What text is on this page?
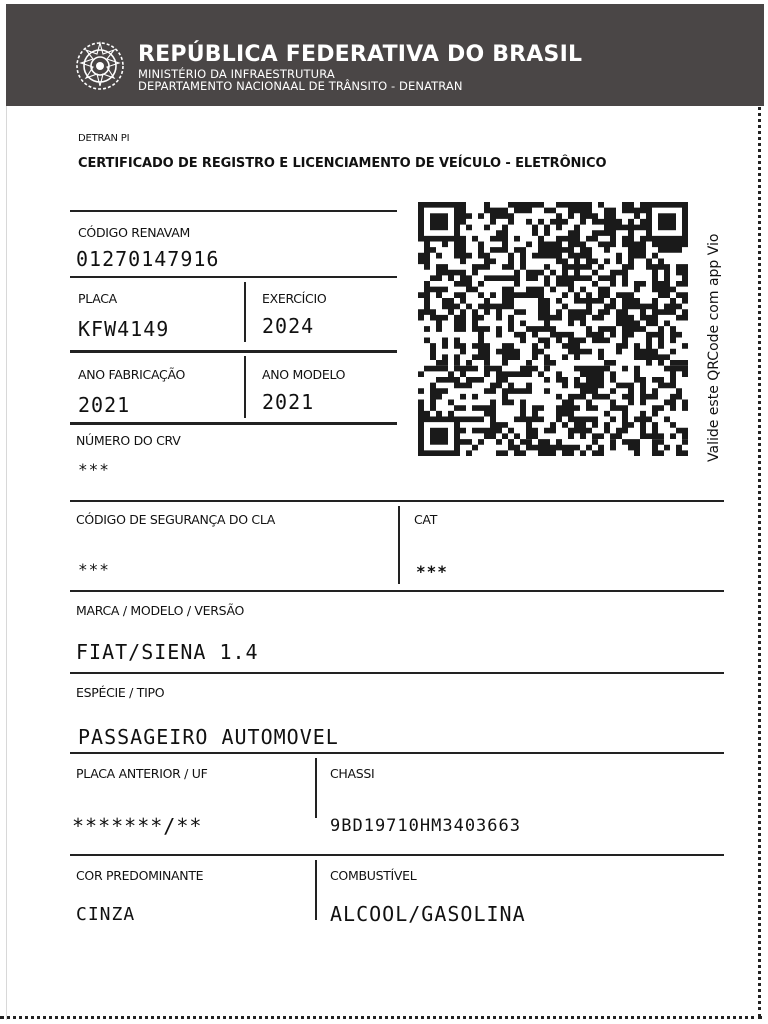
REPÚBLICA FEDERATIVA DO BRASIL
MINISTÉRIO DA INFRAESTRUTURA
DEPARTAMENTO NACIONAAL DE TRÂNSITO - DENATRAN
DETRAN PI
CERTIFICADO DE REGISTRO E LICENCIAMENTO DE VEÍCULO - ELETRÔNICO
CÓDIGO RENAVAM
01270147916
PLACA
KFW4149
EXERCÍCIO
2024
ANO FABRICAÇÃO
2021
ANO MODELO
2021
NÚMERO DO CRV
***
Valide este QRCode com app Vio
CÓDIGO DE SEGURANÇA DO CLA
***
CAT
***
MARCA / MODELO / VERSÃO
FIAT/SIENA 1.4
ESPÉCIE / TIPO
PASSAGEIRO AUTOMOVEL
PLACA ANTERIOR / UF
*******/**
CHASSI
9BD19710HM3403663
COR PREDOMINANTE
CINZA
COMBUSTÍVEL
ALCOOL/GASOLINA
